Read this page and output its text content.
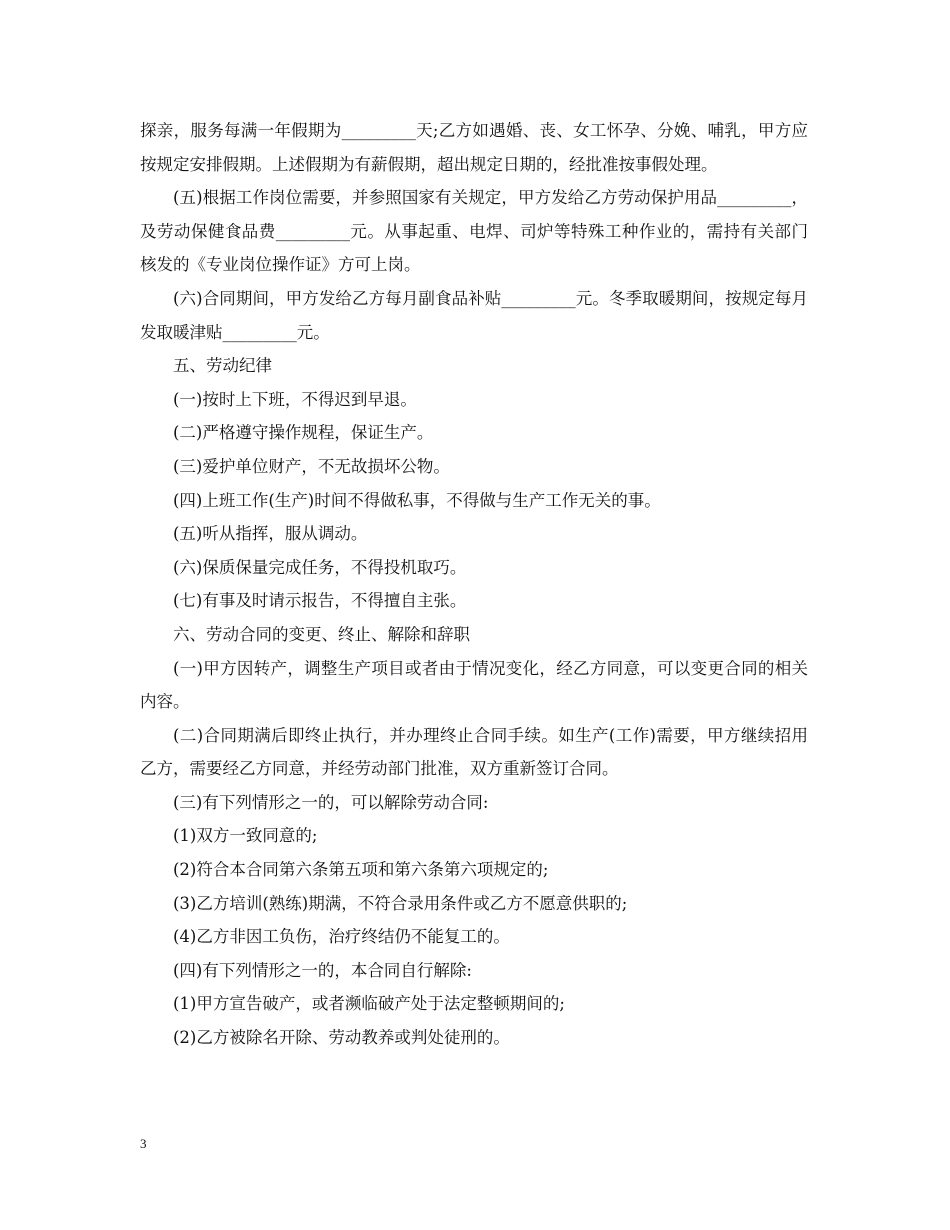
探亲，服务每满一年假期为_________天;乙方如遇婚、丧、女工怀孕、分娩、哺乳，甲方应按规定安排假期。上述假期为有薪假期，超出规定日期的，经批准按事假处理。

(五)根据工作岗位需要，并参照国家有关规定，甲方发给乙方劳动保护用品_________，及劳动保健食品费_________元。从事起重、电焊、司炉等特殊工种作业的，需持有关部门核发的《专业岗位操作证》方可上岗。

(六)合同期间，甲方发给乙方每月副食品补贴_________元。冬季取暖期间，按规定每月发取暖津贴_________元。

五、劳动纪律

(一)按时上下班，不得迟到早退。

(二)严格遵守操作规程，保证生产。

(三)爱护单位财产，不无故损坏公物。

(四)上班工作(生产)时间不得做私事，不得做与生产工作无关的事。

(五)听从指挥，服从调动。

(六)保质保量完成任务，不得投机取巧。

(七)有事及时请示报告，不得擅自主张。

六、劳动合同的变更、终止、解除和辞职

(一)甲方因转产，调整生产项目或者由于情况变化，经乙方同意，可以变更合同的相关内容。

(二)合同期满后即终止执行，并办理终止合同手续。如生产(工作)需要，甲方继续招用乙方，需要经乙方同意，并经劳动部门批准，双方重新签订合同。

(三)有下列情形之一的，可以解除劳动合同:

(1)双方一致同意的;

(2)符合本合同第六条第五项和第六条第六项规定的;

(3)乙方培训(熟练)期满，不符合录用条件或乙方不愿意供职的;

(4)乙方非因工负伤，治疗终结仍不能复工的。

(四)有下列情形之一的，本合同自行解除:

(1)甲方宣告破产，或者濒临破产处于法定整顿期间的;

(2)乙方被除名开除、劳动教养或判处徒刑的。

3
